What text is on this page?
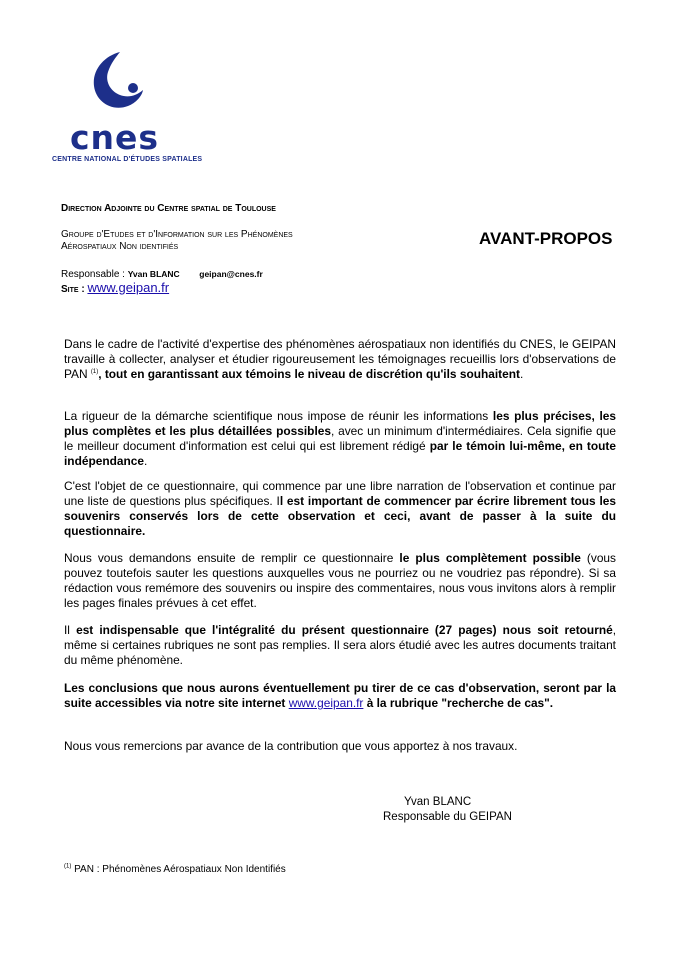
cnes
CENTRE NATIONAL D'ÉTUDES SPATIALES
Direction Adjointe du Centre spatial de Toulouse
Groupe d'Etudes et d'Information sur les Phénomènes
Aérospatiaux Non identifiés
Responsable : Yvan BLANC geipan@cnes.fr
Site : www.geipan.fr
AVANT-PROPOS
Dans le cadre de l'activité d'expertise des phénomènes aérospatiaux non identifiés du CNES, le GEIPAN travaille à collecter, analyser et étudier rigoureusement les témoignages recueillis lors d'observations de PAN $^{(1)}$, tout en garantissant aux témoins le niveau de discrétion qu'ils souhaitent.
La rigueur de la démarche scientifique nous impose de réunir les informations les plus précises, les plus complètes et les plus détaillées possibles, avec un minimum d'intermédiaires. Cela signifie que le meilleur document d'information est celui qui est librement rédigé par le témoin lui-même, en toute indépendance.
C'est l'objet de ce questionnaire, qui commence par une libre narration de l'observation et continue par une liste de questions plus spécifiques. Il est important de commencer par écrire librement tous les souvenirs conservés lors de cette observation et ceci, avant de passer à la suite du questionnaire.
Nous vous demandons ensuite de remplir ce questionnaire le plus complètement possible (vous pouvez toutefois sauter les questions auxquelles vous ne pourriez ou ne voudriez pas répondre). Si sa rédaction vous remémore des souvenirs ou inspire des commentaires, nous vous invitons alors à remplir les pages finales prévues à cet effet.
Il est indispensable que l'intégralité du présent questionnaire (27 pages) nous soit retourné, même si certaines rubriques ne sont pas remplies. Il sera alors étudié avec les autres documents traitant du même phénomène.
Les conclusions que nous aurons éventuellement pu tirer de ce cas d'observation, seront par la suite accessibles via notre site internet www.geipan.fr à la rubrique "recherche de cas".
Nous vous remercions par avance de la contribution que vous apportez à nos travaux.
Yvan BLANC
Responsable du GEIPAN
$^{(1)}$ PAN : Phénomènes Aérospatiaux Non Identifiés
